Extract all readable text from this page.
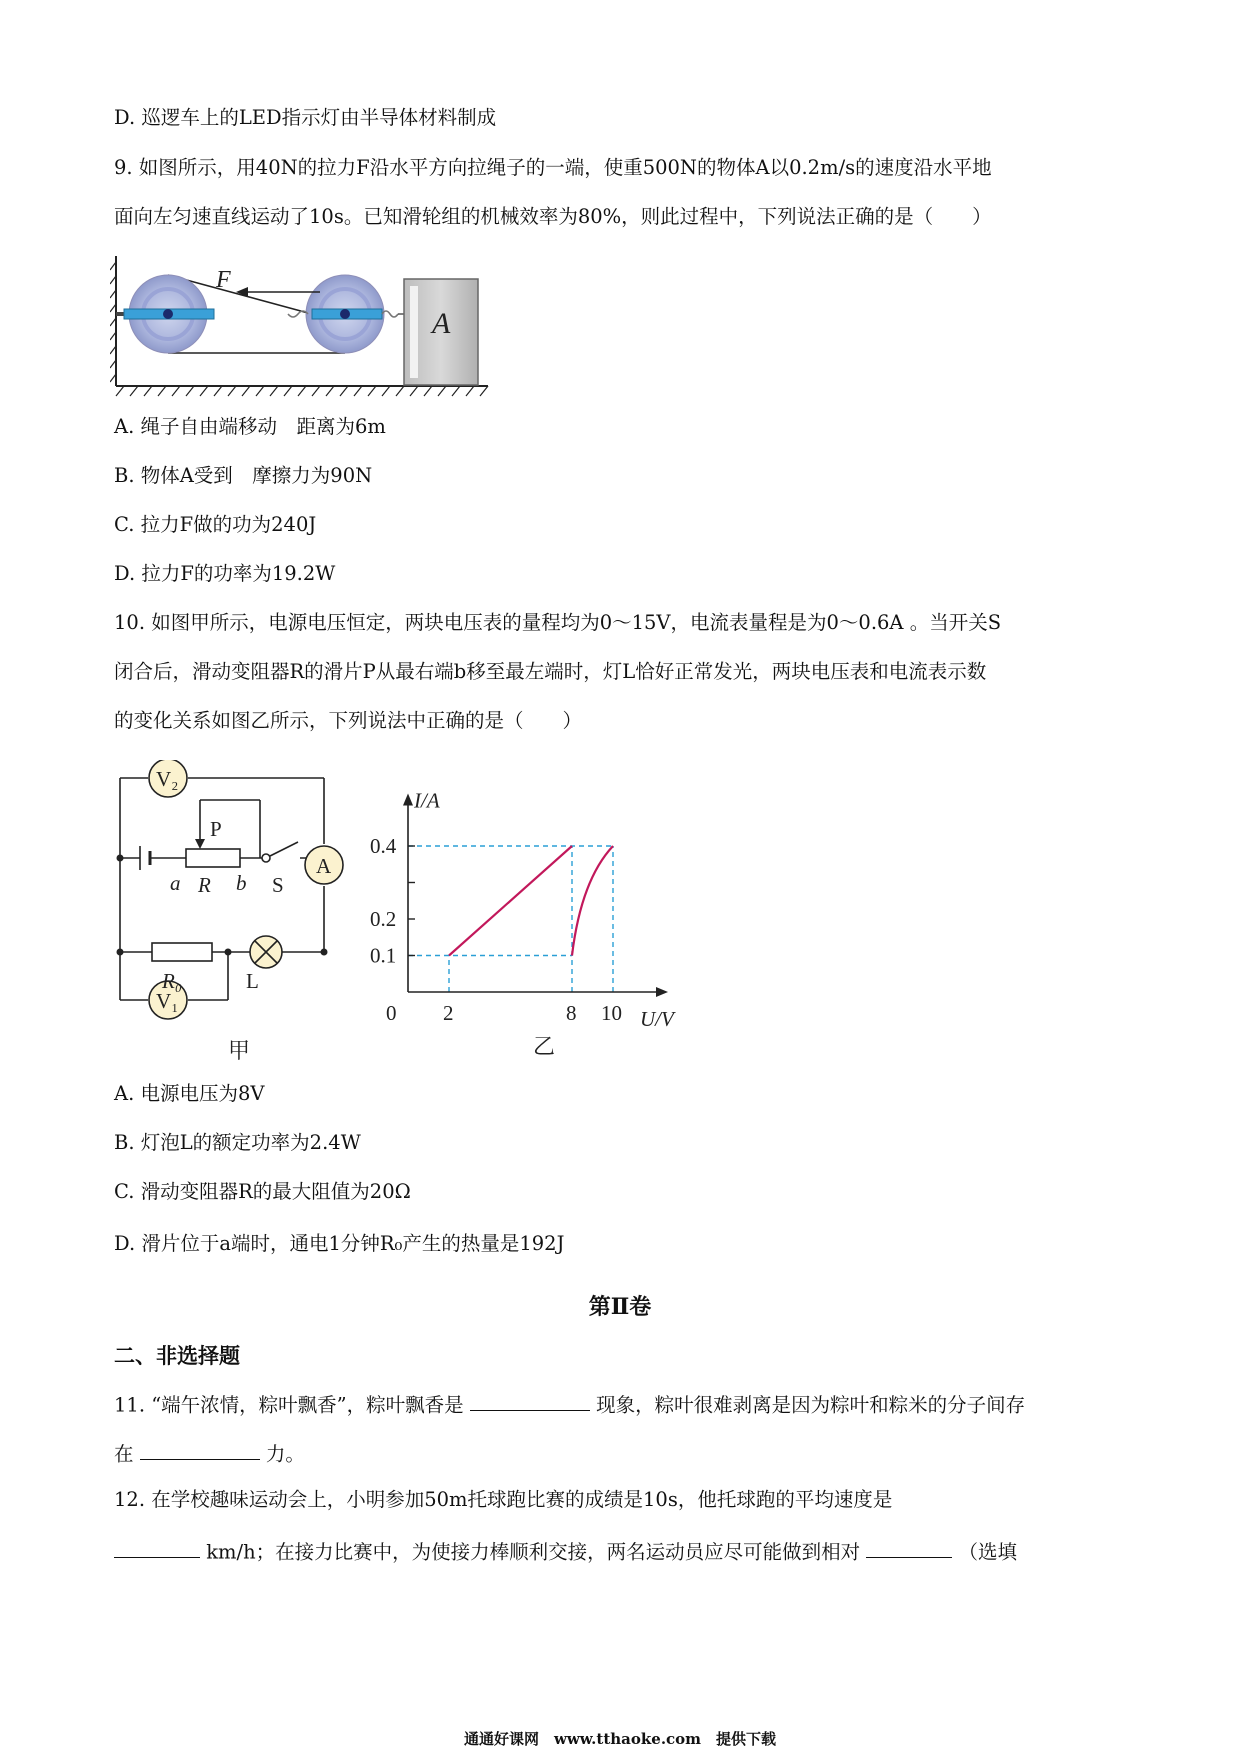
D. 巡逻车上的LED指示灯由半导体材料制成
9. 如图所示，用40N的拉力F沿水平方向拉绳子的一端，使重500N的物体A以0.2m/s的速度沿水平地
面向左匀速直线运动了10s。已知滑轮组的机械效率为80%，则此过程中，下列说法正确的是（　　）
F
A
A. 绳子自由端移动　距离为6m
B. 物体A受到　摩擦力为90N
C. 拉力F做的功为240J
D. 拉力F的功率为19.2W
10. 如图甲所示，电源电压恒定，两块电压表的量程均为0～15V，电流表量程是为0～0.6A 。当开关S
闭合后，滑动变阻器R的滑片P从最右端b移至最左端时，灯L恰好正常发光，两块电压表和电流表示数
的变化关系如图乙所示，下列说法中正确的是（　　）
V₂
V₁
A
P
a	b
R	S
R₀	L
甲
0 2	8 10
0.1
0.2
0.4
I/A
U/V
乙
A. 电源电压为8V
B. 灯泡L的额定功率为2.4W
C. 滑动变阻器R的最大阻值为20Ω
D. 滑片位于a端时，通电1分钟R₀产生的热量是192J
第Ⅱ卷
二、非选择题
11. “端午浓情，粽叶飘香”，粽叶飘香是	现象，粽叶很难剥离是因为粽叶和粽米的分子间存
在	力。
12. 在学校趣味运动会上，小明参加50m托球跑比赛的成绩是10s，他托球跑的平均速度是
km/h；在接力比赛中，为使接力棒顺利交接，两名运动员应尽可能做到相对	（选填
通通好课网　www.tthaoke.com　提供下载
